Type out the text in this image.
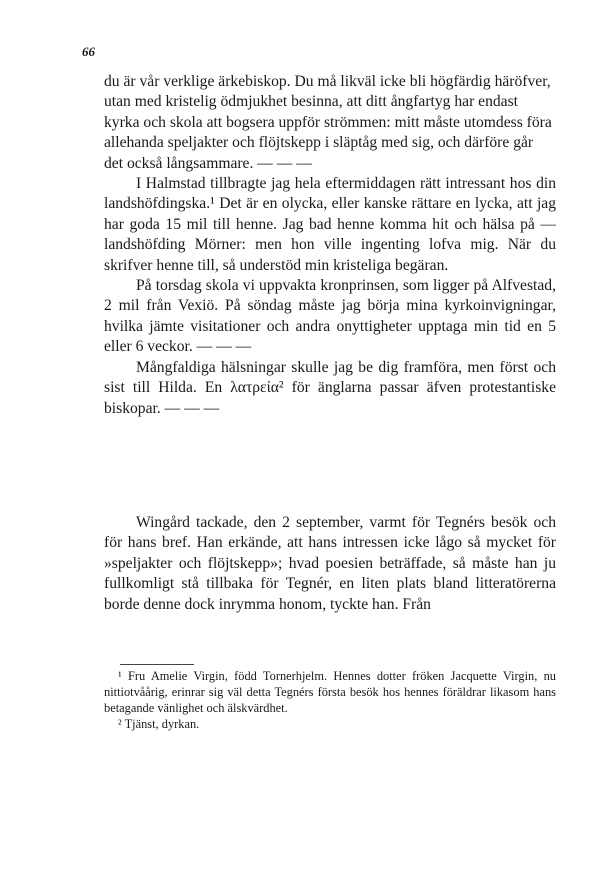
66

du är vår verklige ärkebiskop. Du må likväl icke bli högfärdig häröfver, utan med kristelig ödmjukhet besinna, att ditt ångfartyg har endast kyrka och skola att bogsera uppför strömmen: mitt måste utomdess föra allehanda speljakter och flöjtskepp i släptåg med sig, och därföre går det också långsammare. — — —

I Halmstad tillbragte jag hela eftermiddagen rätt intressant hos din landshöfdingska.¹ Det är en olycka, eller kanske rättare en lycka, att jag har goda 15 mil till henne. Jag bad henne komma hit och hälsa på — landshöfding Mörner: men hon ville ingenting lofva mig. När du skrifver henne till, så understöd min kristeliga begäran.

På torsdag skola vi uppvakta kronprinsen, som ligger på Alfvestad, 2 mil från Vexiö. På söndag måste jag börja mina kyrkoinvigningar, hvilka jämte visitationer och andra onyttigheter upptaga min tid en 5 eller 6 veckor. — — —

Mångfaldiga hälsningar skulle jag be dig framföra, men först och sist till Hilda. En λατρεία² för änglarna passar äfven protestantiske biskopar. — — —

Wingård tackade, den 2 september, varmt för Tegnérs besök och för hans bref. Han erkände, att hans intressen icke lågo så mycket för »speljakter och flöjtskepp»; hvad poesien beträffade, så måste han ju fullkomligt stå tillbaka för Tegnér, en liten plats bland litteratörerna borde denne dock inrymma honom, tyckte han. Från

¹ Fru Amelie Virgin, född Tornerhjelm. Hennes dotter fröken Jacquette Virgin, nu nittiotvåårig, erinrar sig väl detta Tegnérs första besök hos hennes föräldrar likasom hans betagande vänlighet och älskvärdhet.

² Tjänst, dyrkan.
